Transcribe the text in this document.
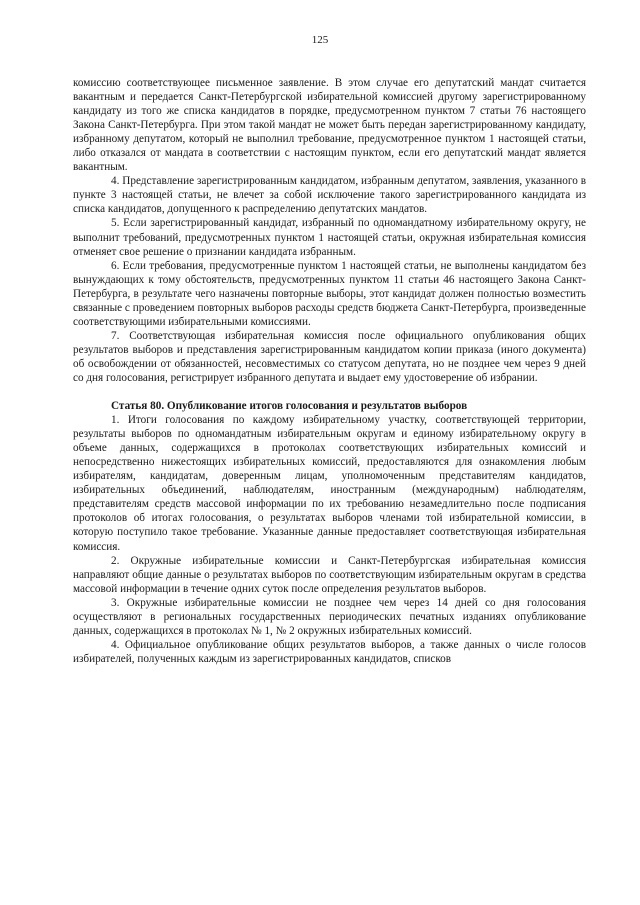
125

комиссию соответствующее письменное заявление. В этом случае его депутатский мандат считается вакантным и передается Санкт-Петербургской избирательной комиссией другому зарегистрированному кандидату из того же списка кандидатов в порядке, предусмотренном пунктом 7 статьи 76 настоящего Закона Санкт-Петербурга. При этом такой мандат не может быть передан зарегистрированному кандидату, избранному депутатом, который не выполнил требование, предусмотренное пунктом 1 настоящей статьи, либо отказался от мандата в соответствии с настоящим пунктом, если его депутатский мандат является вакантным.

4. Представление зарегистрированным кандидатом, избранным депутатом, заявления, указанного в пункте 3 настоящей статьи, не влечет за собой исключение такого зарегистрированного кандидата из списка кандидатов, допущенного к распределению депутатских мандатов.

5. Если зарегистрированный кандидат, избранный по одномандатному избирательному округу, не выполнит требований, предусмотренных пунктом 1 настоящей статьи, окружная избирательная комиссия отменяет свое решение о признании кандидата избранным.

6. Если требования, предусмотренные пунктом 1 настоящей статьи, не выполнены кандидатом без вынуждающих к тому обстоятельств, предусмотренных пунктом 11 статьи 46 настоящего Закона Санкт-Петербурга, в результате чего назначены повторные выборы, этот кандидат должен полностью возместить связанные с проведением повторных выборов расходы средств бюджета Санкт-Петербурга, произведенные соответствующими избирательными комиссиями.

7. Соответствующая избирательная комиссия после официального опубликования общих результатов выборов и представления зарегистрированным кандидатом копии приказа (иного документа) об освобождении от обязанностей, несовместимых со статусом депутата, но не позднее чем через 9 дней со дня голосования, регистрирует избранного депутата и выдает ему удостоверение об избрании.

Статья 80. Опубликование итогов голосования и результатов выборов

1. Итоги голосования по каждому избирательному участку, соответствующей территории, результаты выборов по одномандатным избирательным округам и единому избирательному округу в объеме данных, содержащихся в протоколах соответствующих избирательных комиссий и непосредственно нижестоящих избирательных комиссий, предоставляются для ознакомления любым избирателям, кандидатам, доверенным лицам, уполномоченным представителям кандидатов, избирательных объединений, наблюдателям, иностранным (международным) наблюдателям, представителям средств массовой информации по их требованию незамедлительно после подписания протоколов об итогах голосования, о результатах выборов членами той избирательной комиссии, в которую поступило такое требование. Указанные данные предоставляет соответствующая избирательная комиссия.

2. Окружные избирательные комиссии и Санкт-Петербургская избирательная комиссия направляют общие данные о результатах выборов по соответствующим избирательным округам в средства массовой информации в течение одних суток после определения результатов выборов.

3. Окружные избирательные комиссии не позднее чем через 14 дней со дня голосования осуществляют в региональных государственных периодических печатных изданиях опубликование данных, содержащихся в протоколах № 1, № 2 окружных избирательных комиссий.

4. Официальное опубликование общих результатов выборов, а также данных о числе голосов избирателей, полученных каждым из зарегистрированных кандидатов, списков
